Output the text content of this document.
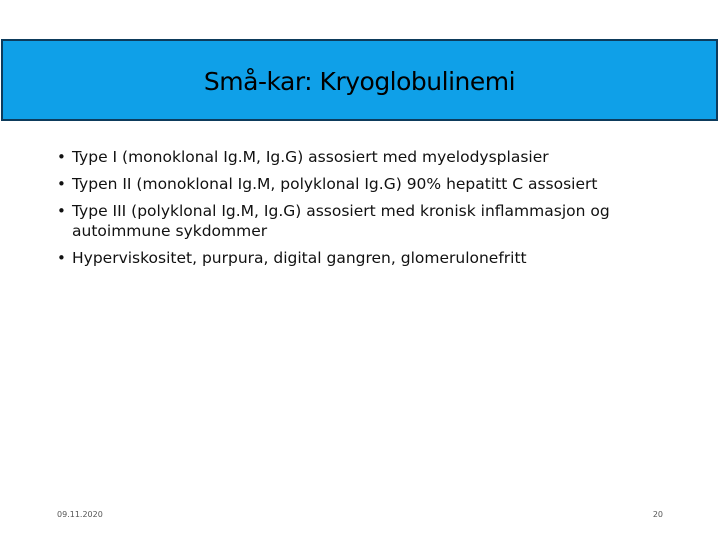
Små-kar: Kryoglobulinemi
• Type I (monoklonal Ig.M, Ig.G) assosiert med myelodysplasier
• Typen II (monoklonal Ig.M, polyklonal Ig.G) 90% hepatitt C assosiert
• Type III (polyklonal Ig.M, Ig.G) assosiert med kronisk inflammasjon og autoimmune sykdommer
• Hyperviskositet, purpura, digital gangren, glomerulonefritt
09.11.2020	20
